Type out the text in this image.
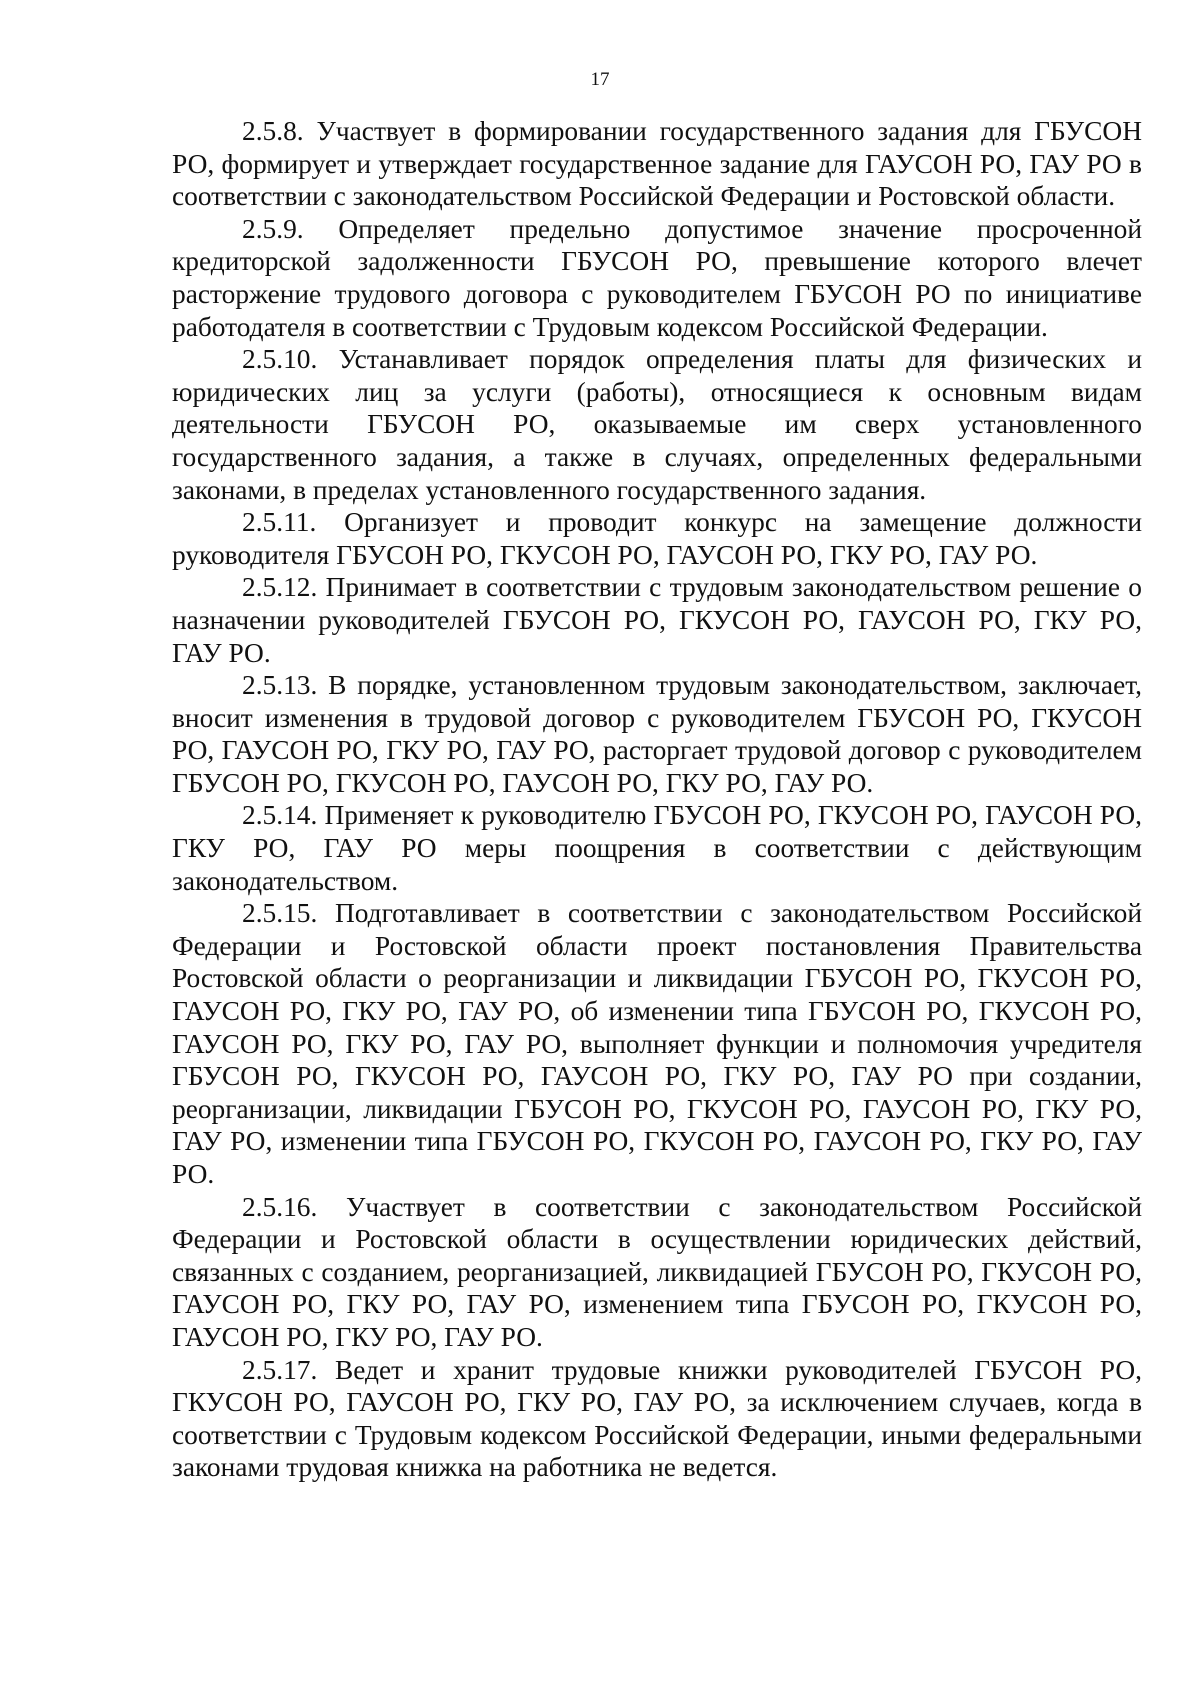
17

2.5.8. Участвует в формировании государственного задания для ГБУСОН РО, формирует и утверждает государственное задание для ГАУСОН РО, ГАУ РО в соответствии с законодательством Российской Федерации и Ростовской области.

2.5.9. Определяет предельно допустимое значение просроченной кредиторской задолженности ГБУСОН РО, превышение которого влечет расторжение трудового договора с руководителем ГБУСОН РО по инициативе работодателя в соответствии с Трудовым кодексом Российской Федерации.

2.5.10. Устанавливает порядок определения платы для физических и юридических лиц за услуги (работы), относящиеся к основным видам деятельности ГБУСОН РО, оказываемые им сверх установленного государственного задания, а также в случаях, определенных федеральными законами, в пределах установленного государственного задания.

2.5.11. Организует и проводит конкурс на замещение должности руководителя ГБУСОН РО, ГКУСОН РО, ГАУСОН РО, ГКУ РО, ГАУ РО.

2.5.12. Принимает в соответствии с трудовым законодательством решение о назначении руководителей ГБУСОН РО, ГКУСОН РО, ГАУСОН РО, ГКУ РО, ГАУ РО.

2.5.13. В порядке, установленном трудовым законодательством, заключает, вносит изменения в трудовой договор с руководителем ГБУСОН РО, ГКУСОН РО, ГАУСОН РО, ГКУ РО, ГАУ РО, расторгает трудовой договор с руководителем ГБУСОН РО, ГКУСОН РО, ГАУСОН РО, ГКУ РО, ГАУ РО.

2.5.14. Применяет к руководителю ГБУСОН РО, ГКУСОН РО, ГАУСОН РО, ГКУ РО, ГАУ РО меры поощрения в соответствии с действующим законодательством.

2.5.15. Подготавливает в соответствии с законодательством Российской Федерации и Ростовской области проект постановления Правительства Ростовской области о реорганизации и ликвидации ГБУСОН РО, ГКУСОН РО, ГАУСОН РО, ГКУ РО, ГАУ РО, об изменении типа ГБУСОН РО, ГКУСОН РО, ГАУСОН РО, ГКУ РО, ГАУ РО, выполняет функции и полномочия учредителя ГБУСОН РО, ГКУСОН РО, ГАУСОН РО, ГКУ РО, ГАУ РО при создании, реорганизации, ликвидации ГБУСОН РО, ГКУСОН РО, ГАУСОН РО, ГКУ РО, ГАУ РО, изменении типа ГБУСОН РО, ГКУСОН РО, ГАУСОН РО, ГКУ РО, ГАУ РО.

2.5.16. Участвует в соответствии с законодательством Российской Федерации и Ростовской области в осуществлении юридических действий, связанных с созданием, реорганизацией, ликвидацией ГБУСОН РО, ГКУСОН РО, ГАУСОН РО, ГКУ РО, ГАУ РО, изменением типа ГБУСОН РО, ГКУСОН РО, ГАУСОН РО, ГКУ РО, ГАУ РО.

2.5.17. Ведет и хранит трудовые книжки руководителей ГБУСОН РО, ГКУСОН РО, ГАУСОН РО, ГКУ РО, ГАУ РО, за исключением случаев, когда в соответствии с Трудовым кодексом Российской Федерации, иными федеральными законами трудовая книжка на работника не ведется.
